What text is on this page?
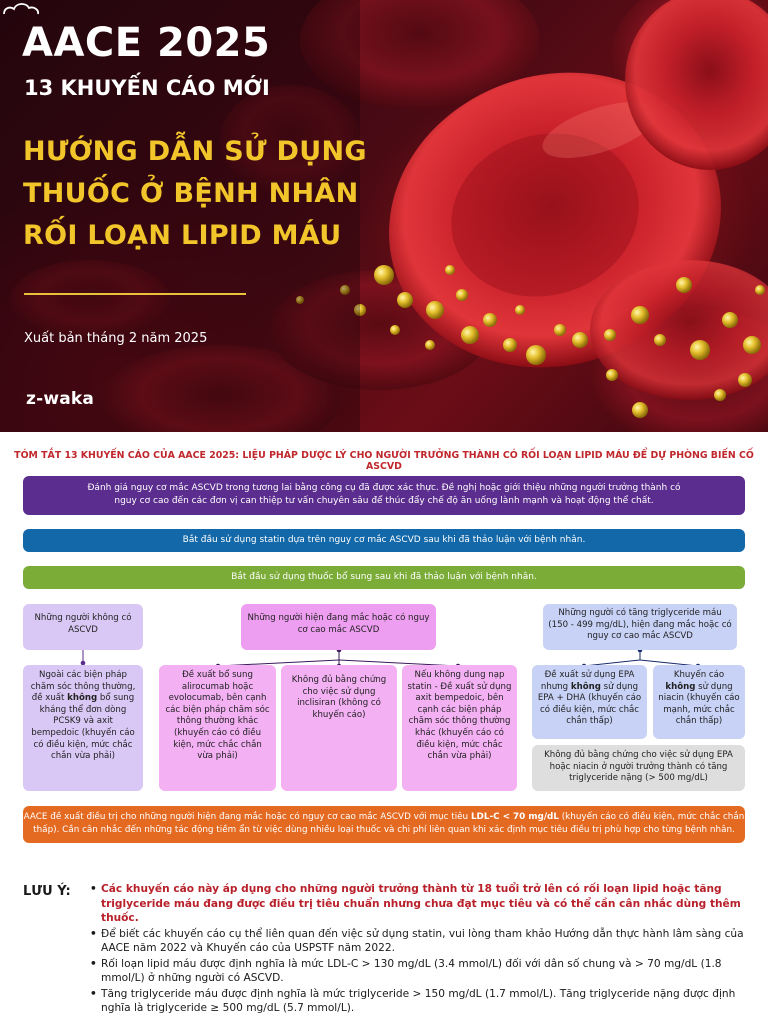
AACE 2025
13 KHUYẾN CÁO MỚI
HƯỚNG DẪN SỬ DỤNG
THUỐC Ở BỆNH NHÂN
RỐI LOẠN LIPID MÁU
Xuất bản tháng 2 năm 2025
z-waka
TÓM TẮT 13 KHUYẾN CÁO CỦA AACE 2025: LIỆU PHÁP DƯỢC LÝ CHO NGƯỜI TRƯỞNG THÀNH CÓ RỐI LOẠN LIPID MÁU ĐỂ DỰ PHÒNG BIẾN CỐ ASCVD
Đánh giá nguy cơ mắc ASCVD trong tương lai bằng công cụ đã được xác thực. Đề nghị hoặc giới thiệu những người trưởng thành có
nguy cơ cao đến các đơn vị can thiệp tư vấn chuyên sâu để thúc đẩy chế độ ăn uống lành mạnh và hoạt động thể chất.
Bắt đầu sử dụng statin dựa trên nguy cơ mắc ASCVD sau khi đã thảo luận với bệnh nhân.
Bắt đầu sử dụng thuốc bổ sung sau khi đã thảo luận với bệnh nhân.
Những người không có ASCVD
Ngoài các biện pháp chăm sóc thông thường, đề xuất không bổ sung kháng thể đơn dòng PCSK9 và axit bempedoic (khuyến cáo có điều kiện, mức chắc chắn vừa phải)
Những người hiện đang mắc hoặc có nguy cơ cao mắc ASCVD
Đề xuất bổ sung alirocumab hoặc evolocumab, bên cạnh các biện pháp chăm sóc thông thường khác (khuyến cáo có điều kiện, mức chắc chắn vừa phải)
Không đủ bằng chứng cho việc sử dụng inclisiran (không có khuyến cáo)
Nếu không dung nạp statin - Đề xuất sử dụng axit bempedoic, bên cạnh các biện pháp chăm sóc thông thường khác (khuyến cáo có điều kiện, mức chắc chắn vừa phải)
Những người có tăng triglyceride máu (150 - 499 mg/dL), hiện đang mắc hoặc có nguy cơ cao mắc ASCVD
Đề xuất sử dụng EPA nhưng không sử dụng EPA + DHA (khuyến cáo có điều kiện, mức chắc chắn thấp)
Khuyến cáo không sử dụng niacin (khuyến cáo mạnh, mức chắc chắn thấp)
Không đủ bằng chứng cho việc sử dụng EPA hoặc niacin ở người trưởng thành có tăng triglyceride nặng (> 500 mg/dL)
AACE đề xuất điều trị cho những người hiện đang mắc hoặc có nguy cơ cao mắc ASCVD với mục tiêu LDL-C < 70 mg/dL (khuyến cáo có điều kiện, mức chắc chắn thấp). Cần cân nhắc đến những tác động tiềm ẩn từ việc dùng nhiều loại thuốc và chi phí liên quan khi xác định mục tiêu điều trị phù hợp cho từng bệnh nhân.
LƯU Ý:
•	Các khuyến cáo này áp dụng cho những người trưởng thành từ 18 tuổi trở lên có rối loạn lipid hoặc tăng triglyceride máu đang được điều trị tiêu chuẩn nhưng chưa đạt mục tiêu và có thể cần cân nhắc dùng thêm thuốc.
• Để biết các khuyến cáo cụ thể liên quan đến việc sử dụng statin, vui lòng tham khảo Hướng dẫn thực hành lâm sàng của AACE năm 2022 và Khuyến cáo của USPSTF năm 2022.
• Rối loạn lipid máu được định nghĩa là mức LDL-C > 130 mg/dL (3.4 mmol/L) đối với dân số chung và > 70 mg/dL (1.8 mmol/L) ở những người có ASCVD.
• Tăng triglyceride máu được định nghĩa là mức triglyceride > 150 mg/dL (1.7 mmol/L). Tăng triglyceride nặng được định nghĩa là triglyceride ≥ 500 mg/dL (5.7 mmol/L).
